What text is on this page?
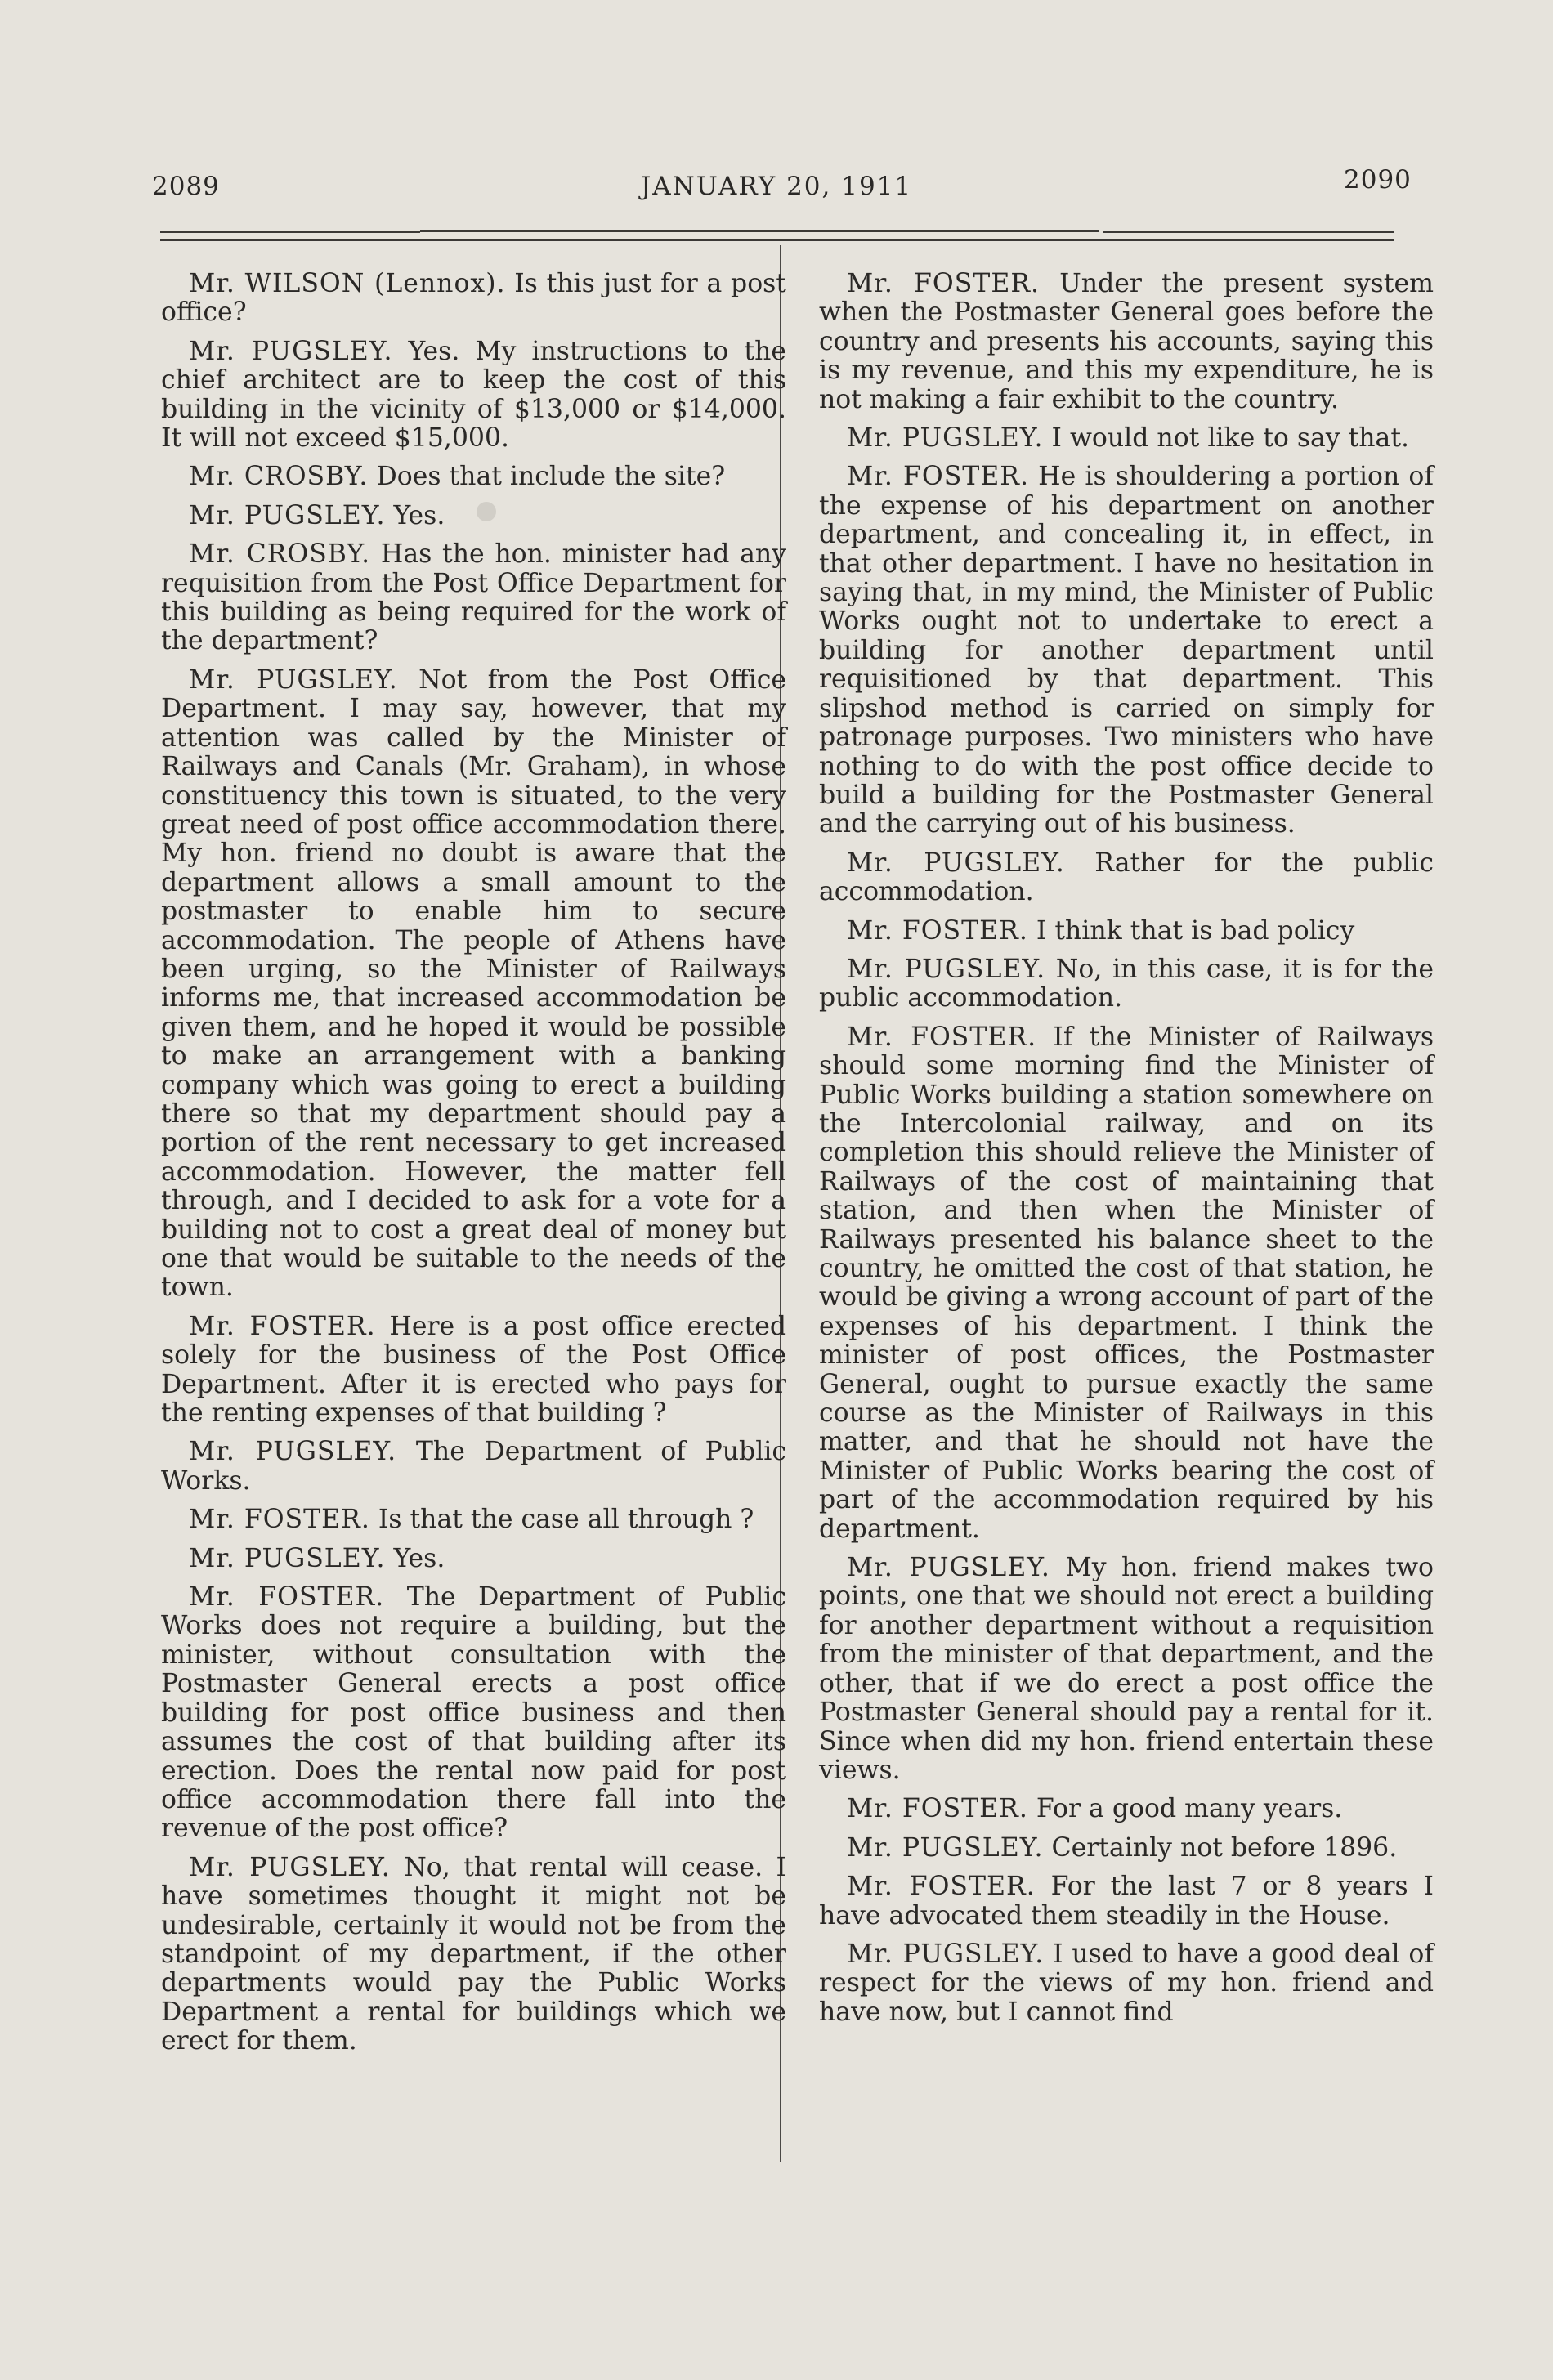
2089	JANUARY 20, 1911	2090

Mr. WILSON (Lennox). Is this just for a post office?

Mr. PUGSLEY. Yes. My instructions to the chief architect are to keep the cost of this building in the vicinity of $13,000 or $14,000. It will not exceed $15,000.

Mr. CROSBY. Does that include the site?

Mr. PUGSLEY. Yes.

Mr. CROSBY. Has the hon. minister had any requisition from the Post Office Department for this building as being required for the work of the department?

Mr. PUGSLEY. Not from the Post Office Department. I may say, however, that my attention was called by the Minister of Railways and Canals (Mr. Graham), in whose constituency this town is situated, to the very great need of post office accommodation there. My hon. friend no doubt is aware that the department allows a small amount to the postmaster to enable him to secure accommodation. The people of Athens have been urging, so the Minister of Railways informs me, that increased accommodation be given them, and he hoped it would be possible to make an arrangement with a banking company which was going to erect a building there so that my department should pay a portion of the rent necessary to get increased accommodation. However, the matter fell through, and I decided to ask for a vote for a building not to cost a great deal of money but one that would be suitable to the needs of the town.

Mr. FOSTER. Here is a post office erected solely for the business of the Post Office Department. After it is erected who pays for the renting expenses of that building ?

Mr. PUGSLEY. The Department of Public Works.

Mr. FOSTER. Is that the case all through ?

Mr. PUGSLEY. Yes.

Mr. FOSTER. The Department of Public Works does not require a building, but the minister, without consultation with the Postmaster General erects a post office building for post office business and then assumes the cost of that building after its erection. Does the rental now paid for post office accommodation there fall into the revenue of the post office?

Mr. PUGSLEY. No, that rental will cease. I have sometimes thought it might not be undesirable, certainly it would not be from the standpoint of my department, if the other departments would pay the Public Works Department a rental for buildings which we erect for them.

Mr. FOSTER. Under the present system when the Postmaster General goes before the country and presents his accounts, saying this is my revenue, and this my expenditure, he is not making a fair exhibit to the country.

Mr. PUGSLEY. I would not like to say that.

Mr. FOSTER. He is shouldering a portion of the expense of his department on another department, and concealing it, in effect, in that other department. I have no hesitation in saying that, in my mind, the Minister of Public Works ought not to undertake to erect a building for another department until requisitioned by that department. This slipshod method is carried on simply for patronage purposes. Two ministers who have nothing to do with the post office decide to build a building for the Postmaster General and the carrying out of his business.

Mr. PUGSLEY. Rather for the public accommodation.

Mr. FOSTER. I think that is bad policy

Mr. PUGSLEY. No, in this case, it is for the public accommodation.

Mr. FOSTER. If the Minister of Railways should some morning find the Minister of Public Works building a station somewhere on the Intercolonial railway, and on its completion this should relieve the Minister of Railways of the cost of maintaining that station, and then when the Minister of Railways presented his balance sheet to the country, he omitted the cost of that station, he would be giving a wrong account of part of the expenses of his department. I think the minister of post offices, the Postmaster General, ought to pursue exactly the same course as the Minister of Railways in this matter, and that he should not have the Minister of Public Works bearing the cost of part of the accommodation required by his department.

Mr. PUGSLEY. My hon. friend makes two points, one that we should not erect a building for another department without a requisition from the minister of that department, and the other, that if we do erect a post office the Postmaster General should pay a rental for it. Since when did my hon. friend entertain these views.

Mr. FOSTER. For a good many years.

Mr. PUGSLEY. Certainly not before 1896.

Mr. FOSTER. For the last 7 or 8 years I have advocated them steadily in the House.

Mr. PUGSLEY. I used to have a good deal of respect for the views of my hon. friend and have now, but I cannot find
